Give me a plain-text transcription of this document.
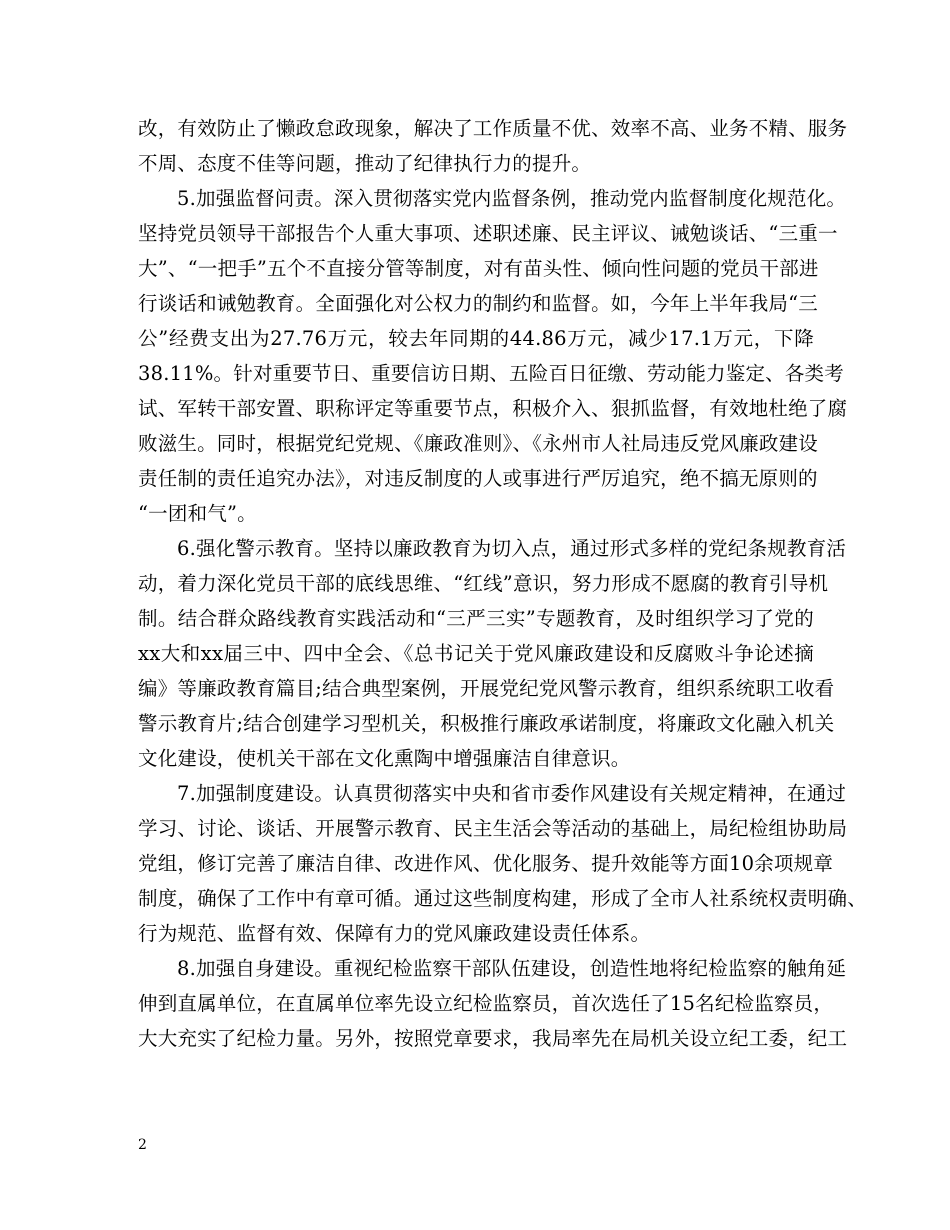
改，有效防止了懒政怠政现象，解决了工作质量不优、效率不高、业务不精、服务
不周、态度不佳等问题，推动了纪律执行力的提升。
5.加强监督问责。深入贯彻落实党内监督条例，推动党内监督制度化规范化。
坚持党员领导干部报告个人重大事项、述职述廉、民主评议、诫勉谈话、“三重一
大”、“一把手”五个不直接分管等制度，对有苗头性、倾向性问题的党员干部进
行谈话和诫勉教育。全面强化对公权力的制约和监督。如，今年上半年我局“三
公”经费支出为27.76万元，较去年同期的44.86万元，减少17.1万元，下降
38.11%。针对重要节日、重要信访日期、五险百日征缴、劳动能力鉴定、各类考
试、军转干部安置、职称评定等重要节点，积极介入、狠抓监督，有效地杜绝了腐
败滋生。同时，根据党纪党规、《廉政准则》、《永州市人社局违反党风廉政建设
责任制的责任追究办法》，对违反制度的人或事进行严厉追究，绝不搞无原则的
“一团和气”。
6.强化警示教育。坚持以廉政教育为切入点，通过形式多样的党纪条规教育活
动，着力深化党员干部的底线思维、“红线”意识，努力形成不愿腐的教育引导机
制。结合群众路线教育实践活动和“三严三实”专题教育，及时组织学习了党的
xx大和xx届三中、四中全会、《总书记关于党风廉政建设和反腐败斗争论述摘
编》等廉政教育篇目;结合典型案例，开展党纪党风警示教育，组织系统职工收看
警示教育片;结合创建学习型机关，积极推行廉政承诺制度，将廉政文化融入机关
文化建设，使机关干部在文化熏陶中增强廉洁自律意识。
7.加强制度建设。认真贯彻落实中央和省市委作风建设有关规定精神，在通过
学习、讨论、谈话、开展警示教育、民主生活会等活动的基础上，局纪检组协助局
党组，修订完善了廉洁自律、改进作风、优化服务、提升效能等方面10余项规章
制度，确保了工作中有章可循。通过这些制度构建，形成了全市人社系统权责明确、
行为规范、监督有效、保障有力的党风廉政建设责任体系。
8.加强自身建设。重视纪检监察干部队伍建设，创造性地将纪检监察的触角延
伸到直属单位，在直属单位率先设立纪检监察员，首次选任了15名纪检监察员，
大大充实了纪检力量。另外，按照党章要求，我局率先在局机关设立纪工委，纪工
2
